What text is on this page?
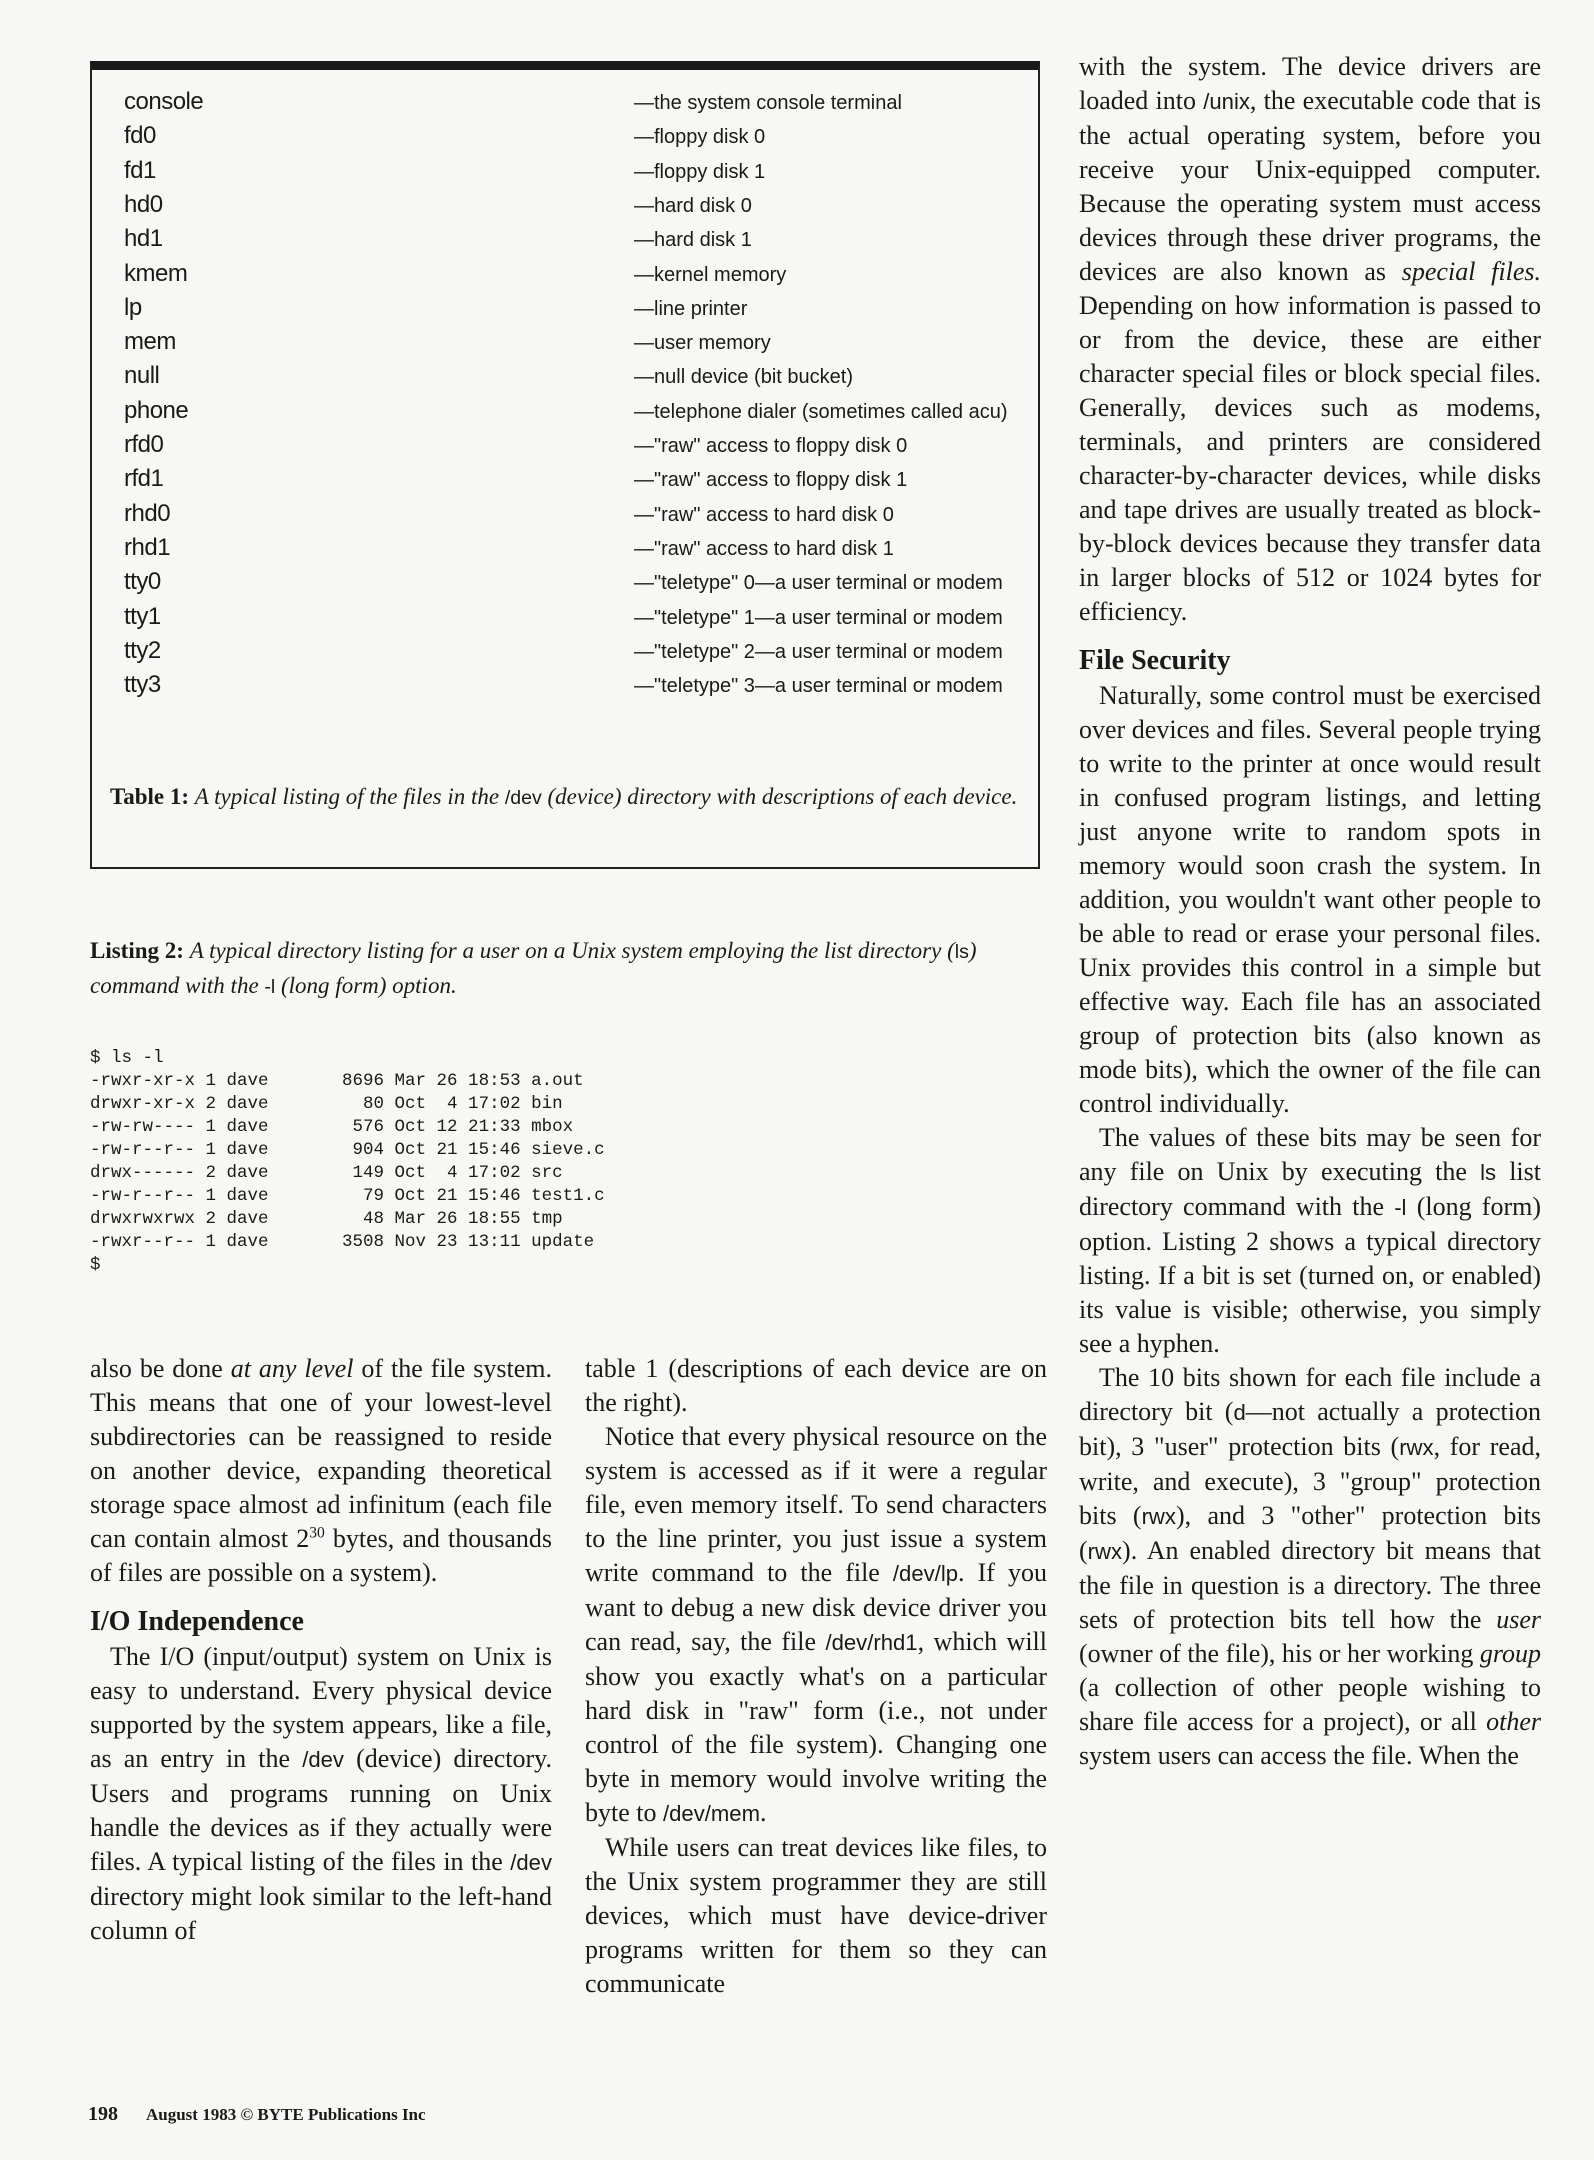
console	—the system console terminal
fd0	—floppy disk 0
fd1	—floppy disk 1
hd0	—hard disk 0
hd1	—hard disk 1
kmem	—kernel memory
lp	—line printer
mem	—user memory
null	—null device (bit bucket)
phone	—telephone dialer (sometimes called acu)
rfd0	—"raw" access to floppy disk 0
rfd1	—"raw" access to floppy disk 1
rhd0	—"raw" access to hard disk 0
rhd1	—"raw" access to hard disk 1
tty0	—"teletype" 0—a user terminal or modem
tty1	—"teletype" 1—a user terminal or modem
tty2	—"teletype" 2—a user terminal or modem
tty3	—"teletype" 3—a user terminal or modem
Table 1: A typical listing of the files in the /dev (device) directory with descriptions of each device.
Listing 2: A typical directory listing for a user on a Unix system employing the list directory (ls) command with the -l (long form) option.
$ ls -l
-rwxr-xr-x 1 dave       8696 Mar 26 18:53 a.out
drwxr-xr-x 2 dave         80 Oct  4 17:02 bin
-rw-rw---- 1 dave        576 Oct 12 21:33 mbox
-rw-r--r-- 1 dave        904 Oct 21 15:46 sieve.c
drwx------ 2 dave        149 Oct  4 17:02 src
-rw-r--r-- 1 dave         79 Oct 21 15:46 test1.c
drwxrwxrwx 2 dave         48 Mar 26 18:55 tmp
-rwxr--r-- 1 dave       3508 Nov 23 13:11 update
$

also be done at any level of the file system. This means that one of your lowest-level subdirectories can be reassigned to reside on another device, expanding theoretical storage space almost ad infinitum (each file can contain almost $2^{30}$ bytes, and thousands of files are possible on a system).

I/O Independence

The I/O (input/output) system on Unix is easy to understand. Every physical device supported by the system appears, like a file, as an entry in the /dev (device) directory. Users and programs running on Unix handle the devices as if they actually were files. A typical listing of the files in the /dev directory might look similar to the left-hand column of

table 1 (descriptions of each device are on the right).

Notice that every physical resource on the system is accessed as if it were a regular file, even memory itself. To send characters to the line printer, you just issue a system write command to the file /dev/lp. If you want to debug a new disk device driver you can read, say, the file /dev/rhd1, which will show you exactly what's on a particular hard disk in "raw" form (i.e., not under control of the file system). Changing one byte in memory would involve writing the byte to /dev/mem.

While users can treat devices like files, to the Unix system programmer they are still devices, which must have device-driver programs written for them so they can communicate

with the system. The device drivers are loaded into /unix, the executable code that is the actual operating system, before you receive your Unix-equipped computer. Because the operating system must access devices through these driver programs, the devices are also known as special files. Depending on how information is passed to or from the device, these are either character special files or block special files. Generally, devices such as modems, terminals, and printers are considered character-by-character devices, while disks and tape drives are usually treated as block-by-block devices because they transfer data in larger blocks of 512 or 1024 bytes for efficiency.

File Security

Naturally, some control must be exercised over devices and files. Several people trying to write to the printer at once would result in confused program listings, and letting just anyone write to random spots in memory would soon crash the system. In addition, you wouldn't want other people to be able to read or erase your personal files. Unix provides this control in a simple but effective way. Each file has an associated group of protection bits (also known as mode bits), which the owner of the file can control individually.

The values of these bits may be seen for any file on Unix by executing the ls list directory command with the -l (long form) option. Listing 2 shows a typical directory listing. If a bit is set (turned on, or enabled) its value is visible; otherwise, you simply see a hyphen.

The 10 bits shown for each file include a directory bit (d—not actually a protection bit), 3 "user" protection bits (rwx, for read, write, and execute), 3 "group" protection bits (rwx), and 3 "other" protection bits (rwx). An enabled directory bit means that the file in question is a directory. The three sets of protection bits tell how the user (owner of the file), his or her working group (a collection of other people wishing to share file access for a project), or all other system users can access the file. When the

198 August 1983 © BYTE Publications Inc
